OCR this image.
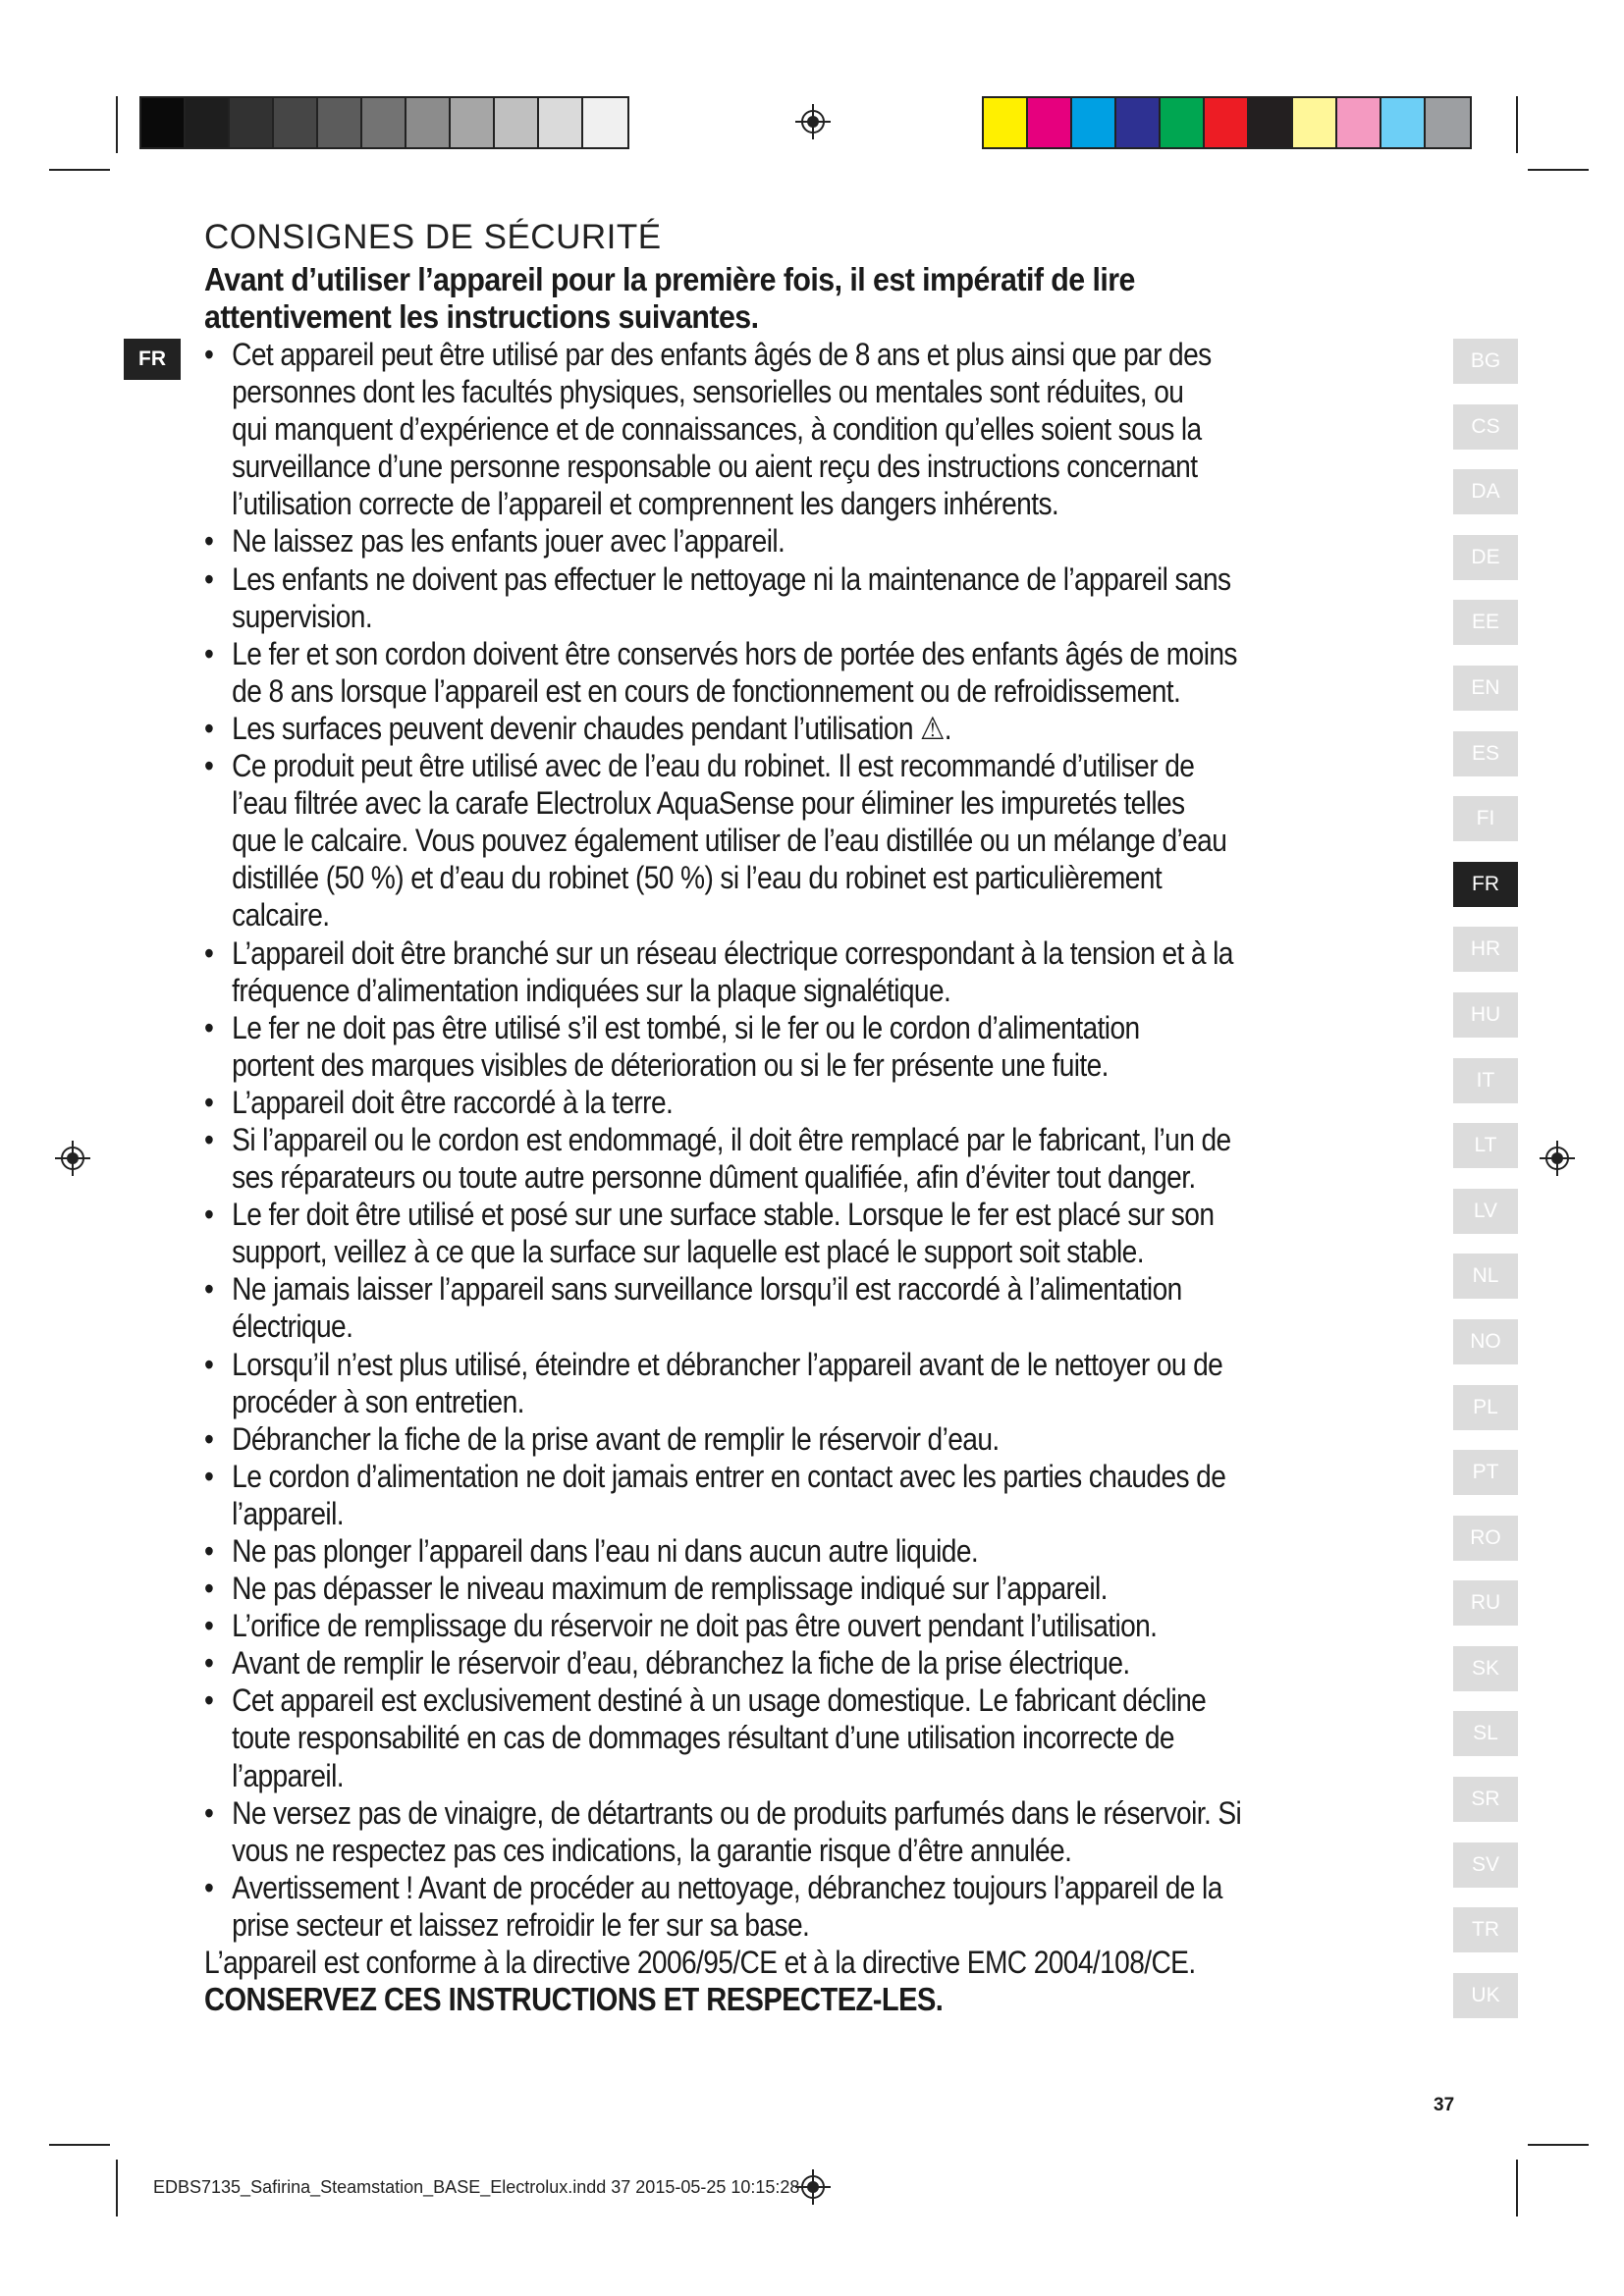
FR
CONSIGNES DE SÉCURITÉ

Avant d’utiliser l’appareil pour la première fois, il est impératif de lire

attentivement les instructions suivantes.

• Cet appareil peut être utilisé par des enfants âgés de 8 ans et plus ainsi que par des
personnes dont les facultés physiques, sensorielles ou mentales sont réduites, ou
qui manquent d’expérience et de connaissances, à condition qu’elles soient sous la
surveillance d’une personne responsable ou aient reçu des instructions concernant
l’utilisation correcte de l’appareil et comprennent les dangers inhérents.
• Ne laissez pas les enfants jouer avec l’appareil.
• Les enfants ne doivent pas effectuer le nettoyage ni la maintenance de l’appareil sans
supervision.
• Le fer et son cordon doivent être conservés hors de portée des enfants âgés de moins
de 8 ans lorsque l’appareil est en cours de fonctionnement ou de refroidissement.
• Les surfaces peuvent devenir chaudes pendant l’utilisation ⚠.
• Ce produit peut être utilisé avec de l’eau du robinet. Il est recommandé d’utiliser de
l’eau filtrée avec la carafe Electrolux AquaSense pour éliminer les impuretés telles
que le calcaire. Vous pouvez également utiliser de l’eau distillée ou un mélange d’eau
distillée (50 %) et d’eau du robinet (50 %) si l’eau du robinet est particulièrement
calcaire.
• L’appareil doit être branché sur un réseau électrique correspondant à la tension et à la
fréquence d’alimentation indiquées sur la plaque signalétique.
• Le fer ne doit pas être utilisé s’il est tombé, si le fer ou le cordon d’alimentation
portent des marques visibles de déterioration ou si le fer présente une fuite.
• L’appareil doit être raccordé à la terre.
• Si l’appareil ou le cordon est endommagé, il doit être remplacé par le fabricant, l’un de
ses réparateurs ou toute autre personne dûment qualifiée, afin d’éviter tout danger.
• Le fer doit être utilisé et posé sur une surface stable. Lorsque le fer est placé sur son
support, veillez à ce que la surface sur laquelle est placé le support soit stable.
• Ne jamais laisser l’appareil sans surveillance lorsqu’il est raccordé à l’alimentation
électrique.
• Lorsqu’il n’est plus utilisé, éteindre et débrancher l’appareil avant de le nettoyer ou de
procéder à son entretien.
• Débrancher la fiche de la prise avant de remplir le réservoir d’eau.
• Le cordon d’alimentation ne doit jamais entrer en contact avec les parties chaudes de
l’appareil.
• Ne pas plonger l’appareil dans l’eau ni dans aucun autre liquide.
• Ne pas dépasser le niveau maximum de remplissage indiqué sur l’appareil.
• L’orifice de remplissage du réservoir ne doit pas être ouvert pendant l’utilisation.
• Avant de remplir le réservoir d’eau, débranchez la fiche de la prise électrique.
• Cet appareil est exclusivement destiné à un usage domestique. Le fabricant décline
toute responsabilité en cas de dommages résultant d’une utilisation incorrecte de
l’appareil.
• Ne versez pas de vinaigre, de détartrants ou de produits parfumés dans le réservoir. Si
vous ne respectez pas ces indications, la garantie risque d’être annulée.
• Avertissement ! Avant de procéder au nettoyage, débranchez toujours l’appareil de la
prise secteur et laissez refroidir le fer sur sa base.

L’appareil est conforme à la directive 2006/95/CE et à la directive EMC 2004/108/CE.

CONSERVEZ CES INSTRUCTIONS ET RESPECTEZ-LES.

BG
CS
DA
DE
EE
EN
ES
FI
FR
HR
HU
IT
LT
LV
NL
NO
PL
PT
RO
RU
SK
SL
SR
SV
TR
UK
37
EDBS7135_Safirina_Steamstation_BASE_Electrolux.indd 37 2015-05-25 10:15:28
